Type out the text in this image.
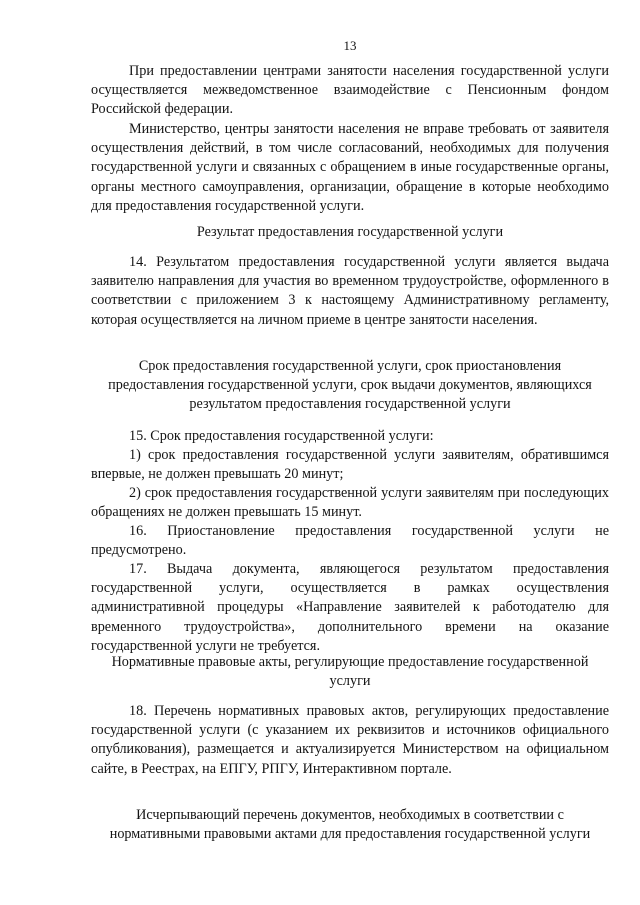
13

При предоставлении центрами занятости населения государственной услуги осуществляется межведомственное взаимодействие с Пенсионным фондом Российской федерации.

Министерство, центры занятости населения не вправе требовать от заявителя осуществления действий, в том числе согласований, необходимых для получения государственной услуги и связанных с обращением в иные государственные органы, органы местного самоуправления, организации, обращение в которые необходимо для предоставления государственной услуги.

Результат предоставления государственной услуги

14. Результатом предоставления государственной услуги является выдача заявителю направления для участия во временном трудоустройстве, оформленного в соответствии с приложением 3 к настоящему Административному регламенту, которая осуществляется на личном приеме в центре занятости населения.

Срок предоставления государственной услуги, срок приостановления предоставления государственной услуги, срок выдачи документов, являющихся результатом предоставления государственной услуги

15. Срок предоставления государственной услуги:

1) срок предоставления государственной услуги заявителям, обратившимся впервые, не должен превышать 20 минут;

2) срок предоставления государственной услуги заявителям при последующих обращениях не должен превышать 15 минут.

16. Приостановление предоставления государственной услуги не предусмотрено.

17. Выдача документа, являющегося результатом предоставления государственной услуги, осуществляется в рамках осуществления административной процедуры «Направление заявителей к работодателю для временного трудоустройства», дополнительного времени на оказание государственной услуги не требуется.

Нормативные правовые акты, регулирующие предоставление государственной услуги

18. Перечень нормативных правовых актов, регулирующих предоставление государственной услуги (с указанием их реквизитов и источников официального опубликования), размещается и актуализируется Министерством на официальном сайте, в Реестрах, на ЕПГУ, РПГУ, Интерактивном портале.

Исчерпывающий перечень документов, необходимых в соответствии с нормативными правовыми актами для предоставления государственной услуги
